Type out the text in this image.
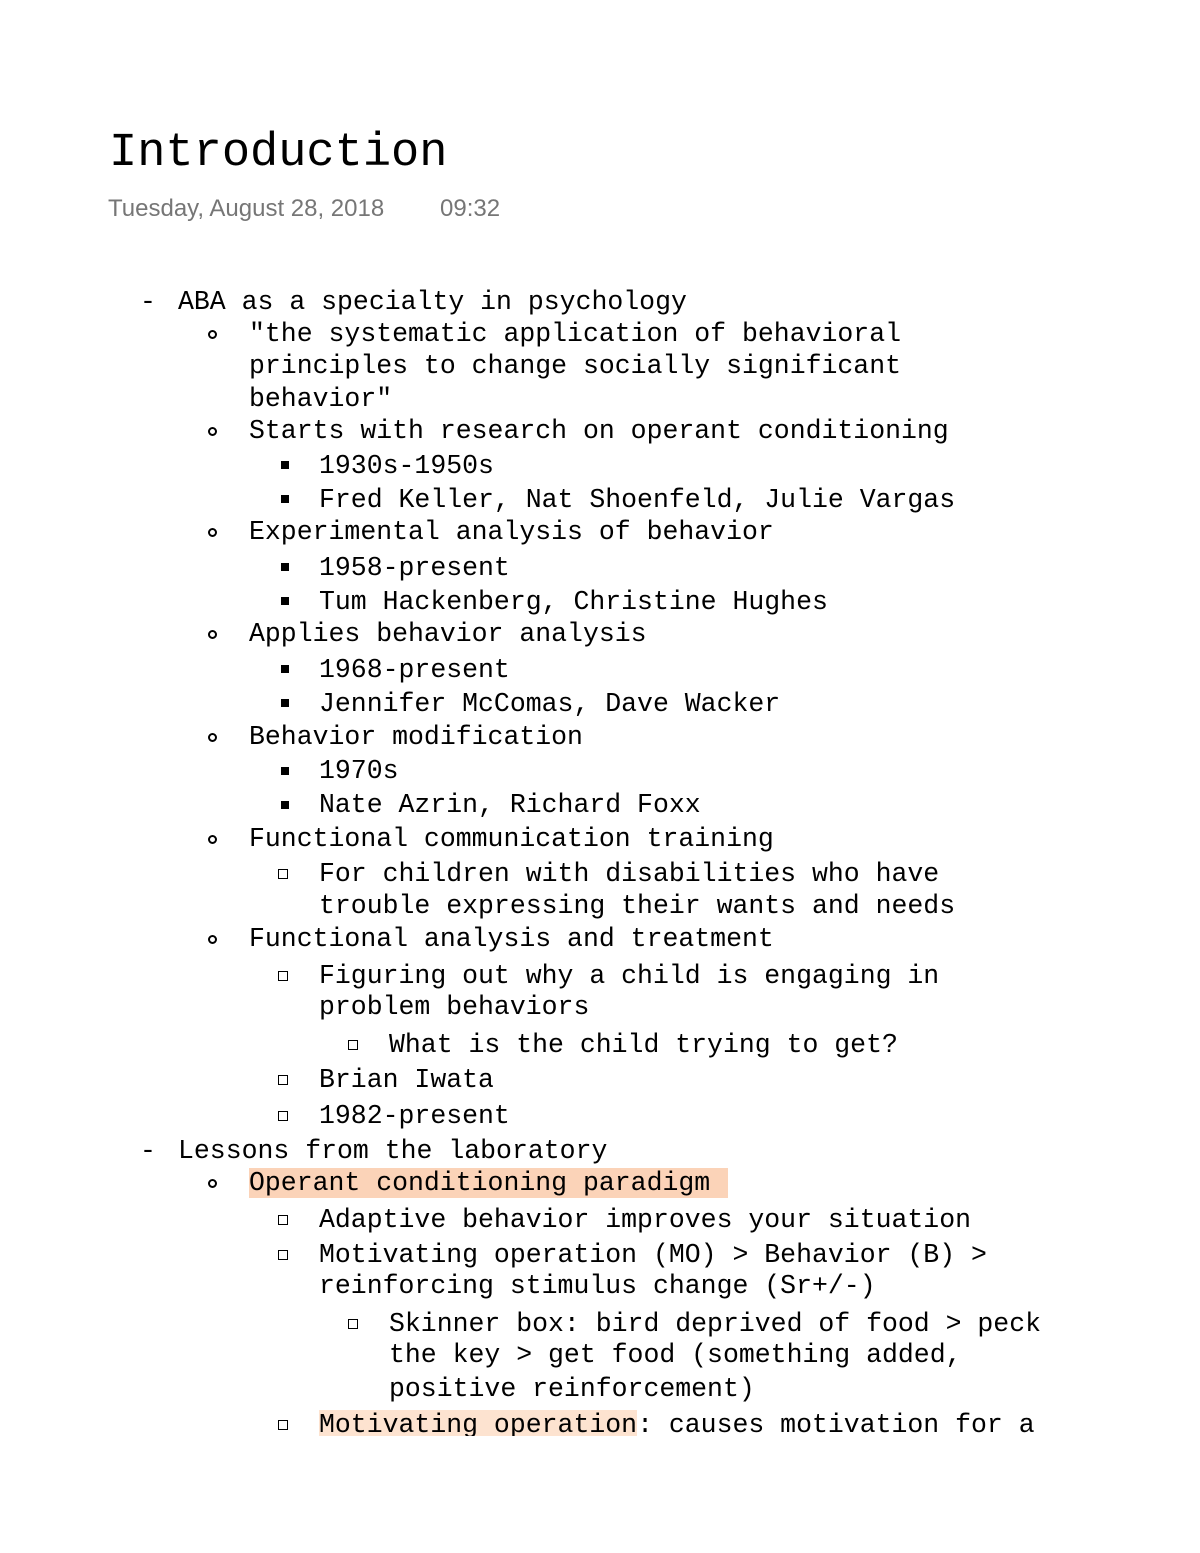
Introduction
Tuesday, August 28, 2018 09:32
- ABA as a specialty in psychology
"the systematic application of behavioral
principles to change socially significant
behavior"
Starts with research on operant conditioning
1930s-1950s
Fred Keller, Nat Shoenfeld, Julie Vargas
Experimental analysis of behavior
1958-present
Tum Hackenberg, Christine Hughes
Applies behavior analysis
1968-present
Jennifer McComas, Dave Wacker
Behavior modification
1970s
Nate Azrin, Richard Foxx
Functional communication training
For children with disabilities who have
trouble expressing their wants and needs
Functional analysis and treatment
Figuring out why a child is engaging in
problem behaviors
What is the child trying to get?
Brian Iwata
1982-present
- Lessons from the laboratory
Operant conditioning paradigm
Adaptive behavior improves your situation
Motivating operation (MO) > Behavior (B) >
reinforcing stimulus change (Sr+/-)
Skinner box: bird deprived of food > peck
the key > get food (something added,
positive reinforcement)
Motivating operation: causes motivation for a
